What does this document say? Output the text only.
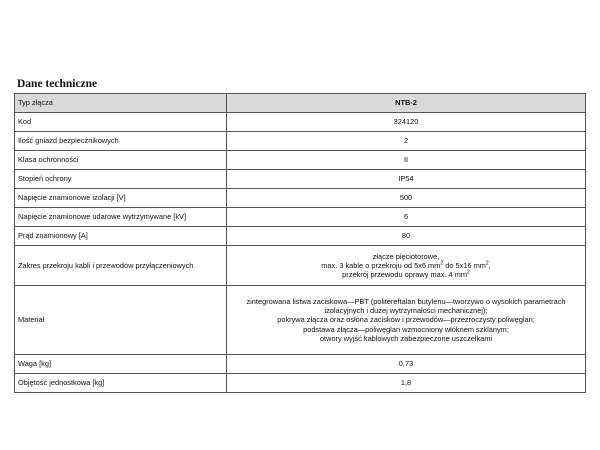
Dane techniczne
Typ złącza	NTB-2
Kod	324120
Ilość gniazd bezpiecznikowych	2
Klasa ochronności	II
Stopień ochrony	IP54
Napięcie znamionowe izolacji [V]	500
Napięcie znamionowe udarowe wytrzymywane [kV]	6
Prąd znamionowy [A]	80
Zakres przekroju kabli i przewodów przyłączeniowych	złącze pięciotorowe,
max. 3 kable o przekroju od 5x6 $mm^2$ do 5x16 $mm^2$,
przekrój przewodu oprawy max. 4 $mm^2$

Materiał	zintegrowana listwa zaciskowa—PBT (politereftalan butylenu—tworzywo o wysokich parametrach
izolacyjnych i dużej wytrzymałości mechanicznej);
pokrywa złącza oraz osłona zacisków i przewodów—przezroczysty poliwęglan;
podstawa złącza—poliwęglan wzmocniony włóknem szklanym;
otwory wyjść kablowych zabezpieczone uszczelkami

Waga [kg]	0,73
Objętość jednostkowa [kg]	1,8
